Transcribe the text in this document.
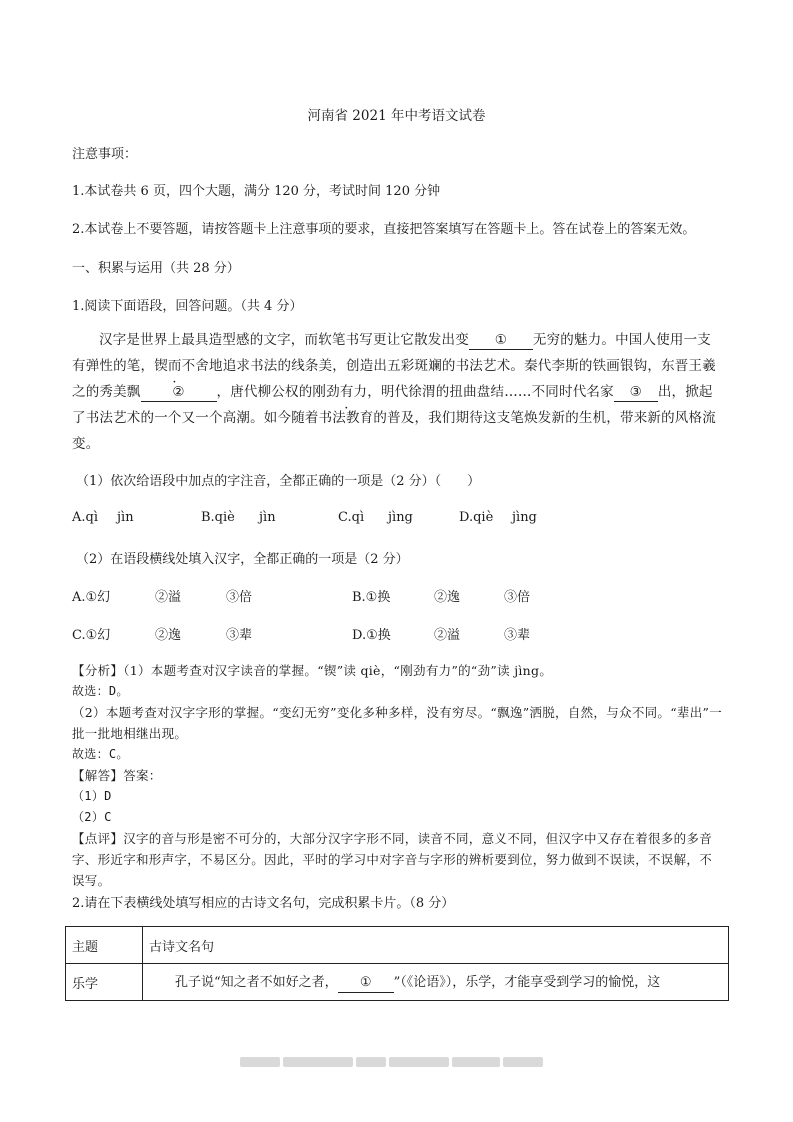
河南省 2021 年中考语文试卷
注意事项：
1.本试卷共 6 页，四个大题，满分 120 分，考试时间 120 分钟
2.本试卷上不要答题，请按答题卡上注意事项的要求，直接把答案填写在答题卡上。答在试卷上的答案无效。
一、积累与运用（共 28 分）
1.阅读下面语段，回答问题。（共 4 分）
汉字是世界上最具造型感的文字，而软笔书写更让它散发出变 ① 无穷的魅力。中国人使用一支有弹性的笔，锲而不舍地追求书法的线条美，创造出五彩斑斓的书法艺术。秦代李斯的铁画银钩，东晋王羲之的秀美飘 ② ，唐代柳公权的刚劲有力，明代徐渭的扭曲盘结……不同时代名家 ③ 出，掀起了书法艺术的一个又一个高潮。如今随着书法教育的普及，我们期待这支笔焕发新的生机，带来新的风格流变。
（1）依次给语段中加点的字注音，全都正确的一项是（2 分）（　　）
A.qì jìn	B.qiè jìn	C.qì jìng	D.qiè jìng
（2）在语段横线处填入汉字，全都正确的一项是（2 分）
A.①幻	②溢	③倍	B.①换	②逸	③倍
C.①幻	②逸	③辈	D.①换	②溢	③辈
【分析】（1）本题考查对汉字读音的掌握。“锲”读 qiè，“刚劲有力”的“劲”读 jìng。
故选：D。
（2）本题考查对汉字字形的掌握。“变幻无穷”变化多种多样，没有穷尽。“飘逸”洒脱，自然，与众不同。“辈出”一批一批地相继出现。
故选：C。
【解答】答案：
（1）D
（2）C
【点评】汉字的音与形是密不可分的，大部分汉字字形不同，读音不同，意义不同，但汉字中又存在着很多的多音字、形近字和形声字，不易区分。因此，平时的学习中对字音与字形的辨析要到位，努力做到不误读，不误解，不误写。
2.请在下表横线处填写相应的古诗文名句，完成积累卡片。（8 分）
主题	古诗文名句
乐学	孔子说“知之者不如好之者， ① ”（《论语》），乐学，才能享受到学习的愉悦，这
